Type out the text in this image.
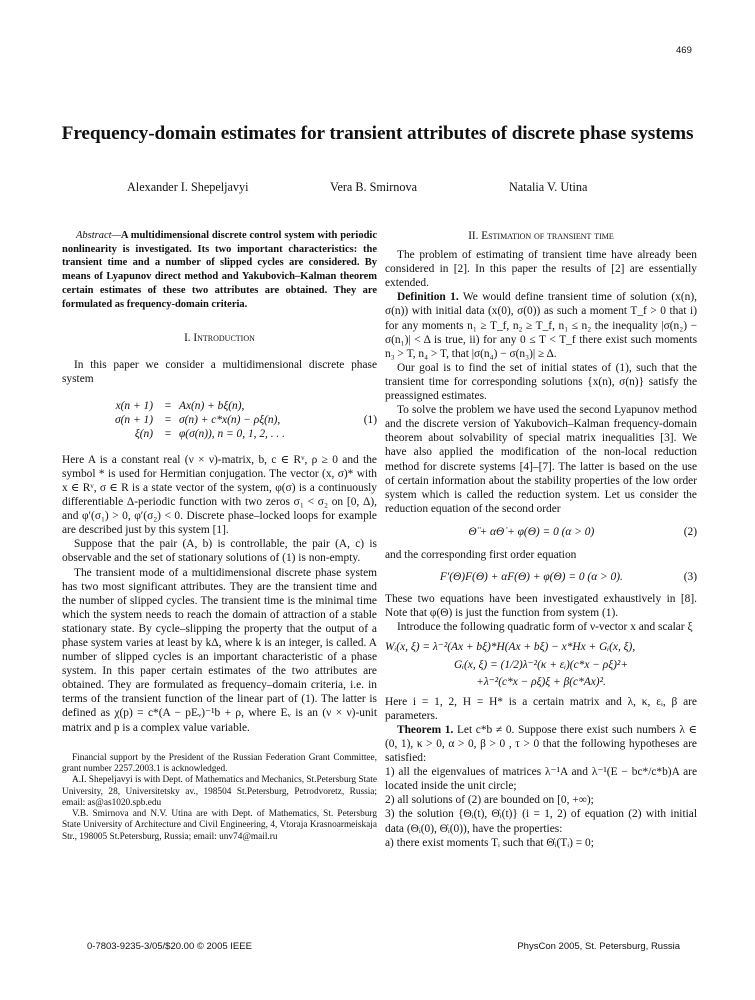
469
Frequency-domain estimates for transient attributes of discrete phase systems
Alexander I. Shepeljavyi	Vera B. Smirnova	Natalia V. Utina
Abstract—A multidimensional discrete control system with periodic nonlinearity is investigated. Its two important characteristics: the transient time and a number of slipped cycles are considered. By means of Lyapunov direct method and Yakubovich–Kalman theorem certain estimates of these two attributes are obtained. They are formulated as frequency-domain criteria.
I. Introduction

In this paper we consider a multidimensional discrete phase system

x(n + 1)	= Ax(n) + bξ(n),
σ(n + 1)	= σ(n) + c*x(n) − ρξ(n),	(1)
ξ(n)	= φ(σ(n)), n = 0, 1, 2, . . .

Here A is a constant real (ν × ν)-matrix, b, c ∈ Rᵛ, ρ ≥ 0 and the symbol * is used for Hermitian conjugation. The vector (x, σ)* with x ∈ Rᵛ, σ ∈ R is a state vector of the system, φ(σ) is a continuously differentiable Δ-periodic function with two zeros σ₁ < σ₂ on [0, Δ), and φ′(σ₁) > 0, φ′(σ₂) < 0. Discrete phase–locked loops for example are described just by this system [1].

Suppose that the pair (A, b) is controllable, the pair (A, c) is observable and the set of stationary solutions of (1) is non-empty.

The transient mode of a multidimensional discrete phase system has two most significant attributes. They are the transient time and the number of slipped cycles. The transient time is the minimal time which the system needs to reach the domain of attraction of a stable stationary state. By cycle–slipping the property that the output of a phase system varies at least by kΔ, where k is an integer, is called. A number of slipped cycles is an important characteristic of a phase system. In this paper certain estimates of the two attributes are obtained. They are formulated as frequency–domain criteria, i.e. in terms of the transient function of the linear part of (1). The latter is defined as χ(p) = c*(A − pEᵥ)⁻¹b + ρ, where Eᵥ is an (ν × ν)-unit matrix and p is a complex value variable.

Financial support by the President of the Russian Federation Grant Committee, grant number 2257.2003.1 is acknowledged.

A.I. Shepeljavyi is with Dept. of Mathematics and Mechanics, St.Petersburg State University, 28, Universitetsky av., 198504 St.Petersburg, Petrodvoretz, Russia; email: as@as1020.spb.edu

V.B. Smirnova and N.V. Utina are with Dept. of Mathematics, St. Petersburg State University of Architecture and Civil Engineering, 4, Vtoraja Krasnoarmeiskaja Str., 198005 St.Petersburg, Russia; email: unv74@mail.ru

II. Estimation of transient time

The problem of estimating of transient time have already been considered in [2]. In this paper the results of [2] are essentially extended.

Definition 1. We would define transient time of solution (x(n), σ(n)) with initial data (x(0), σ(0)) as such a moment T_f > 0 that i) for any moments n₁ ≥ T_f, n₂ ≥ T_f, n₁ ≤ n₂ the inequality |σ(n₂) − σ(n₁)| < Δ is true, ii) for any 0 ≤ T < T_f there exist such moments n₃ > T, n₄ > T, that |σ(n₄) − σ(n₃)| ≥ Δ.

Our goal is to find the set of initial states of (1), such that the transient time for corresponding solutions {x(n), σ(n)} satisfy the preassigned estimates.

To solve the problem we have used the second Lyapunov method and the discrete version of Yakubovich–Kalman frequency-domain theorem about solvability of special matrix inequalities [3]. We have also applied the modification of the non-local reduction method for discrete systems [4]–[7]. The latter is based on the use of certain information about the stability properties of the low order system which is called the reduction system. Let us consider the reduction equation of the second order

Θ̈ + αΘ̇ + φ(Θ) = 0 (α > 0)	(2)

and the corresponding first order equation

F′(Θ)F(Θ) + αF(Θ) + φ(Θ) = 0 (α > 0).	(3)

These two equations have been investigated exhaustively in [8]. Note that φ(Θ) is just the function from system (1).

Introduce the following quadratic form of ν-vector x and scalar ξ

Wᵢ(x, ξ) = λ⁻²(Ax + bξ)*H(Ax + bξ) − x*Hx + Gᵢ(x, ξ),
Gᵢ(x, ξ) = (1/2)λ⁻²(κ + εᵢ)(c*x − ρξ)²+
+λ⁻²(c*x − ρξ)ξ + β(c*Ax)².

Here i = 1, 2, H = H* is a certain matrix and λ, κ, εᵢ, β are parameters.

Theorem 1. Let c*b ≠ 0. Suppose there exist such numbers λ ∈ (0, 1), κ > 0, α > 0, β > 0 , τ > 0 that the following hypotheses are satisfied:

1) all the eigenvalues of matrices λ⁻¹A and λ⁻¹(E − bc*/c*b)A are located inside the unit circle;

2) all solutions of (2) are bounded on [0, +∞);

3) the solution {Θᵢ(t), Θ̇ᵢ(t)} (i = 1, 2) of equation (2) with initial data (Θᵢ(0), Θ̇ᵢ(0)), have the properties:

a) there exist moments Tᵢ such that Θ̇ᵢ(Tᵢ) = 0;

0-7803-9235-3/05/$20.00 © 2005 IEEE	PhysCon 2005, St. Petersburg, Russia
